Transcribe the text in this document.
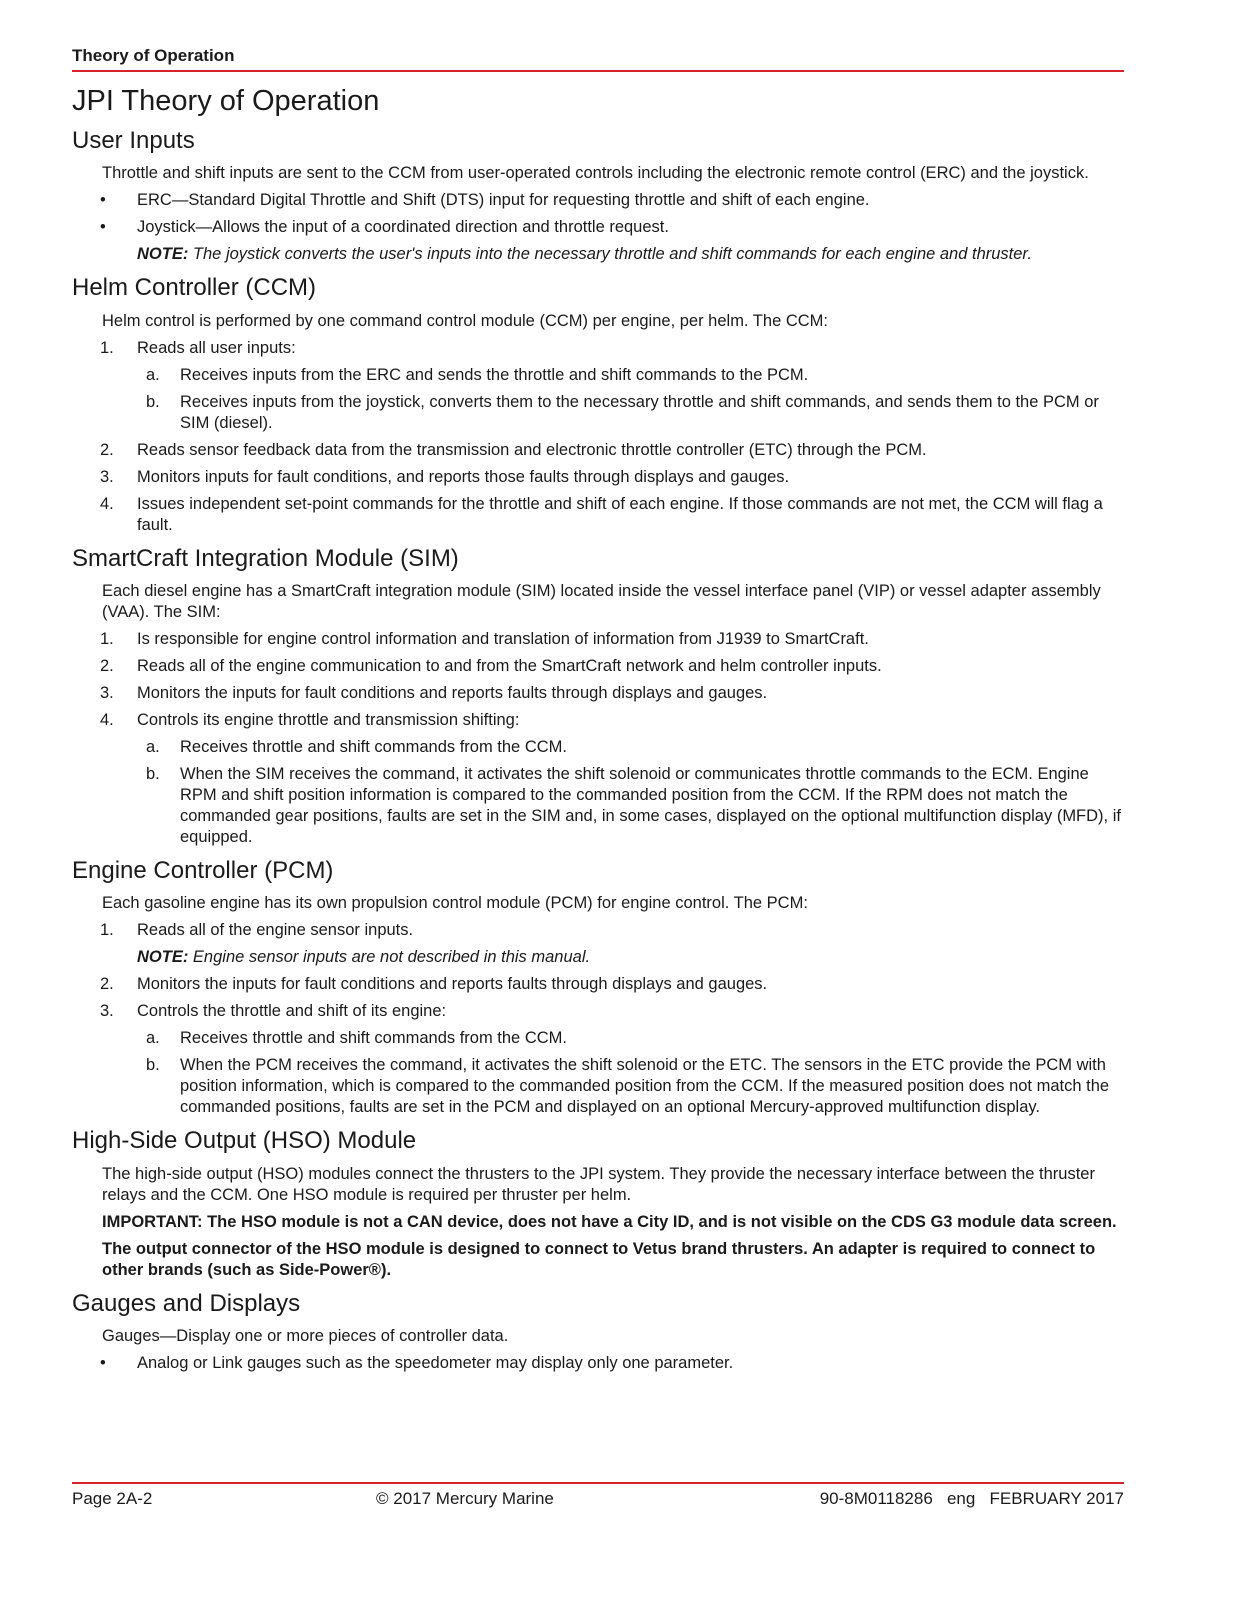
Theory of Operation
JPI Theory of Operation
User Inputs

Throttle and shift inputs are sent to the CCM from user-operated controls including the electronic remote control (ERC) and the joystick.

•	ERC—Standard Digital Throttle and Shift (DTS) input for requesting throttle and shift of each engine.
•	Joystick—Allows the input of a coordinated direction and throttle request.
NOTE: The joystick converts the user's inputs into the necessary throttle and shift commands for each engine and thruster.
Helm Controller (CCM)

Helm control is performed by one command control module (CCM) per engine, per helm. The CCM:

1.	Reads all user inputs:
a.	Receives inputs from the ERC and sends the throttle and shift commands to the PCM.
b.	Receives inputs from the joystick, converts them to the necessary throttle and shift commands, and sends them to the PCM or SIM (diesel).
2.	Reads sensor feedback data from the transmission and electronic throttle controller (ETC) through the PCM.
3.	Monitors inputs for fault conditions, and reports those faults through displays and gauges.
4.	Issues independent set-point commands for the throttle and shift of each engine. If those commands are not met, the CCM will flag a fault.
SmartCraft Integration Module (SIM)

Each diesel engine has a SmartCraft integration module (SIM) located inside the vessel interface panel (VIP) or vessel adapter assembly (VAA). The SIM:

1.	Is responsible for engine control information and translation of information from J1939 to SmartCraft.
2.	Reads all of the engine communication to and from the SmartCraft network and helm controller inputs.
3.	Monitors the inputs for fault conditions and reports faults through displays and gauges.
4.	Controls its engine throttle and transmission shifting:
a.	Receives throttle and shift commands from the CCM.
b.	When the SIM receives the command, it activates the shift solenoid or communicates throttle commands to the ECM. Engine RPM and shift position information is compared to the commanded position from the CCM. If the RPM does not match the commanded gear positions, faults are set in the SIM and, in some cases, displayed on the optional multifunction display (MFD), if equipped.
Engine Controller (PCM)

Each gasoline engine has its own propulsion control module (PCM) for engine control. The PCM:

1.	Reads all of the engine sensor inputs.
NOTE: Engine sensor inputs are not described in this manual.
2.	Monitors the inputs for fault conditions and reports faults through displays and gauges.
3.	Controls the throttle and shift of its engine:
a.	Receives throttle and shift commands from the CCM.
b.	When the PCM receives the command, it activates the shift solenoid or the ETC. The sensors in the ETC provide the PCM with position information, which is compared to the commanded position from the CCM. If the measured position does not match the commanded positions, faults are set in the PCM and displayed on an optional Mercury-approved multifunction display.
High-Side Output (HSO) Module

The high-side output (HSO) modules connect the thrusters to the JPI system. They provide the necessary interface between the thruster relays and the CCM. One HSO module is required per thruster per helm.

IMPORTANT: The HSO module is not a CAN device, does not have a City ID, and is not visible on the CDS G3 module data screen.

The output connector of the HSO module is designed to connect to Vetus brand thrusters. An adapter is required to connect to other brands (such as Side-Power®).

Gauges and Displays

Gauges—Display one or more pieces of controller data.

•	Analog or Link gauges such as the speedometer may display only one parameter.
Page 2A-2	© 2017 Mercury Marine	90-8M0118286   eng   FEBRUARY 2017
